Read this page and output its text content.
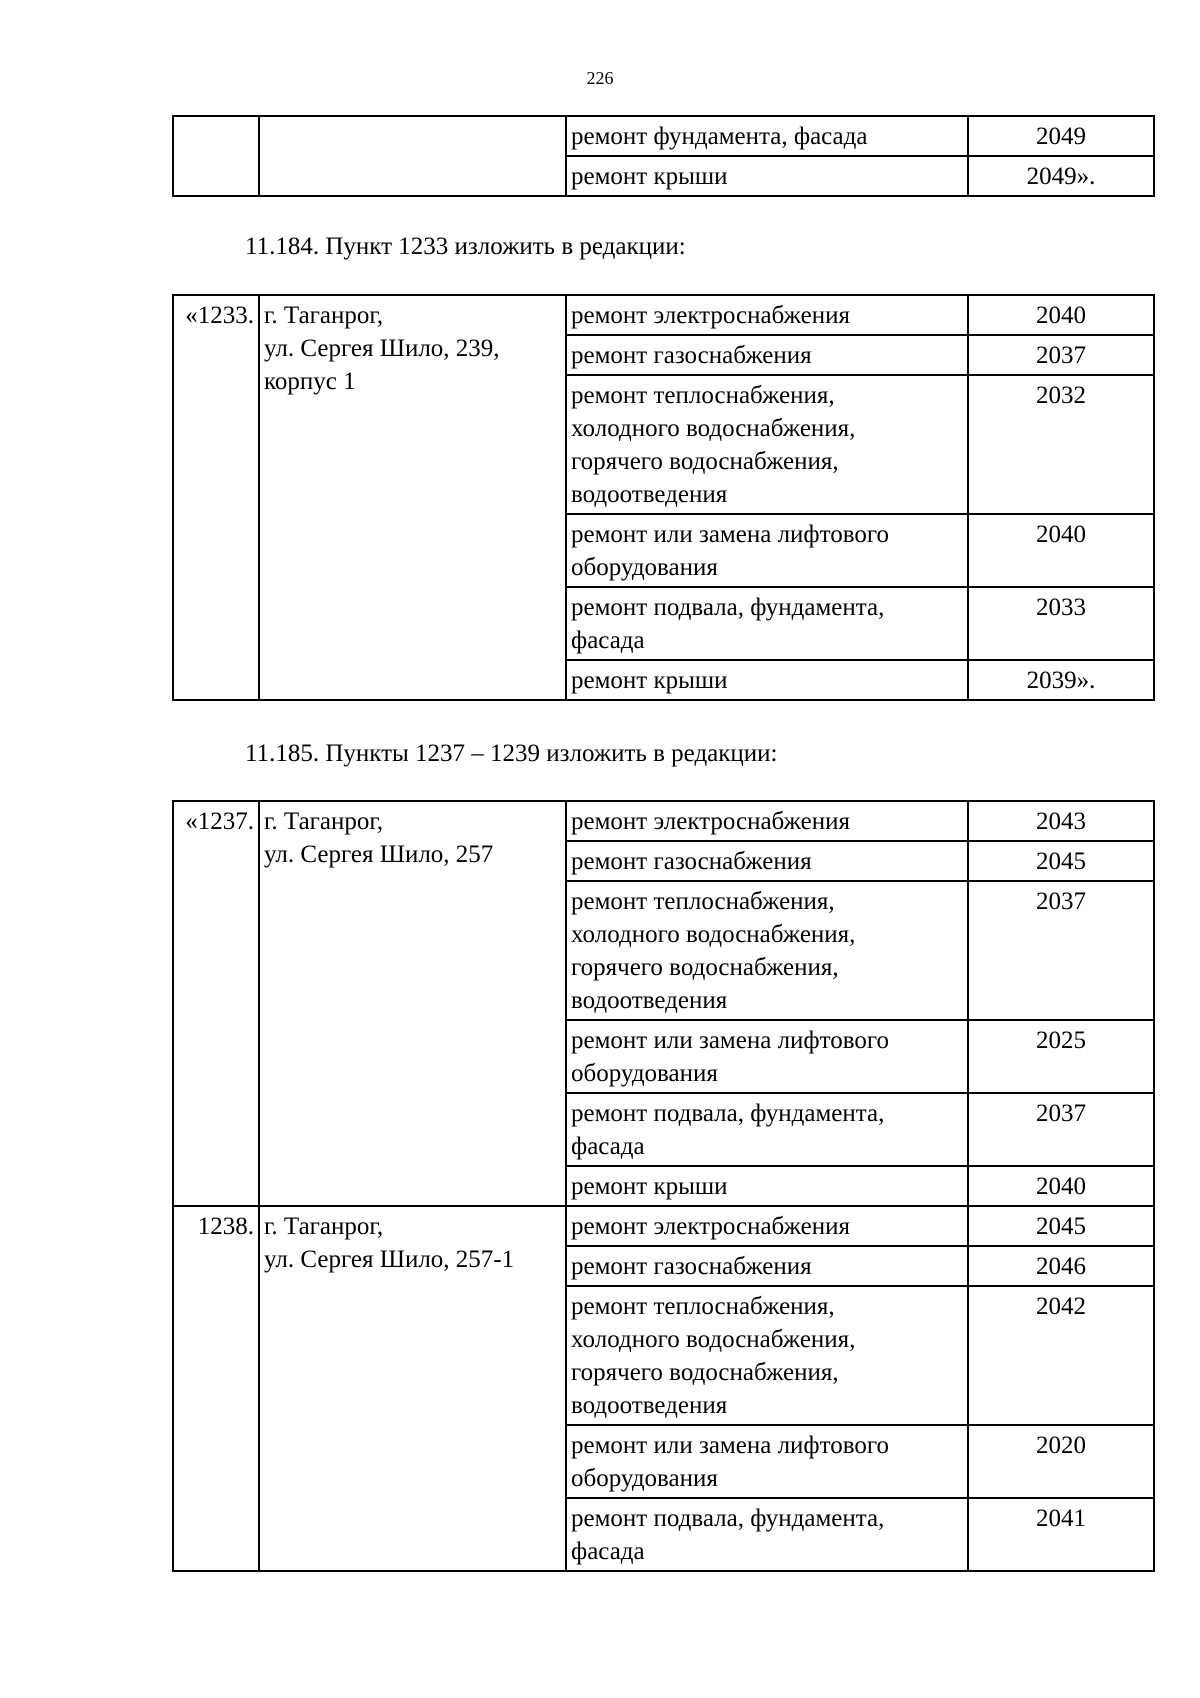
226
		ремонт фундамента, фасада	2049
		ремонт крыши	2049».
11.184. Пункт 1233 изложить в редакции:
«1233.	г. Таганрог,
ул. Сергея Шило, 239,
корпус 1	ремонт электроснабжения	2040

		ремонт газоснабжения	2037

		ремонт теплоснабжения,
холодного водоснабжения,
горячего водоснабжения,
водоотведения	2032

		ремонт или замена лифтового
оборудования	2040

		ремонт подвала, фундамента,
фасада	2033

		ремонт крыши	2039».
11.185. Пункты 1237 – 1239 изложить в редакции:
«1237.	г. Таганрог,
ул. Сергея Шило, 257	ремонт электроснабжения	2043

		ремонт газоснабжения	2045

		ремонт теплоснабжения,
холодного водоснабжения,
горячего водоснабжения,
водоотведения	2037

		ремонт или замена лифтового
оборудования	2025

		ремонт подвала, фундамента,
фасада	2037

		ремонт крыши	2040
1238.	г. Таганрог,
ул. Сергея Шило, 257-1	ремонт электроснабжения	2045

		ремонт газоснабжения	2046

		ремонт теплоснабжения,
холодного водоснабжения,
горячего водоснабжения,
водоотведения	2042

		ремонт или замена лифтового
оборудования	2020

		ремонт подвала, фундамента,
фасада	2041
